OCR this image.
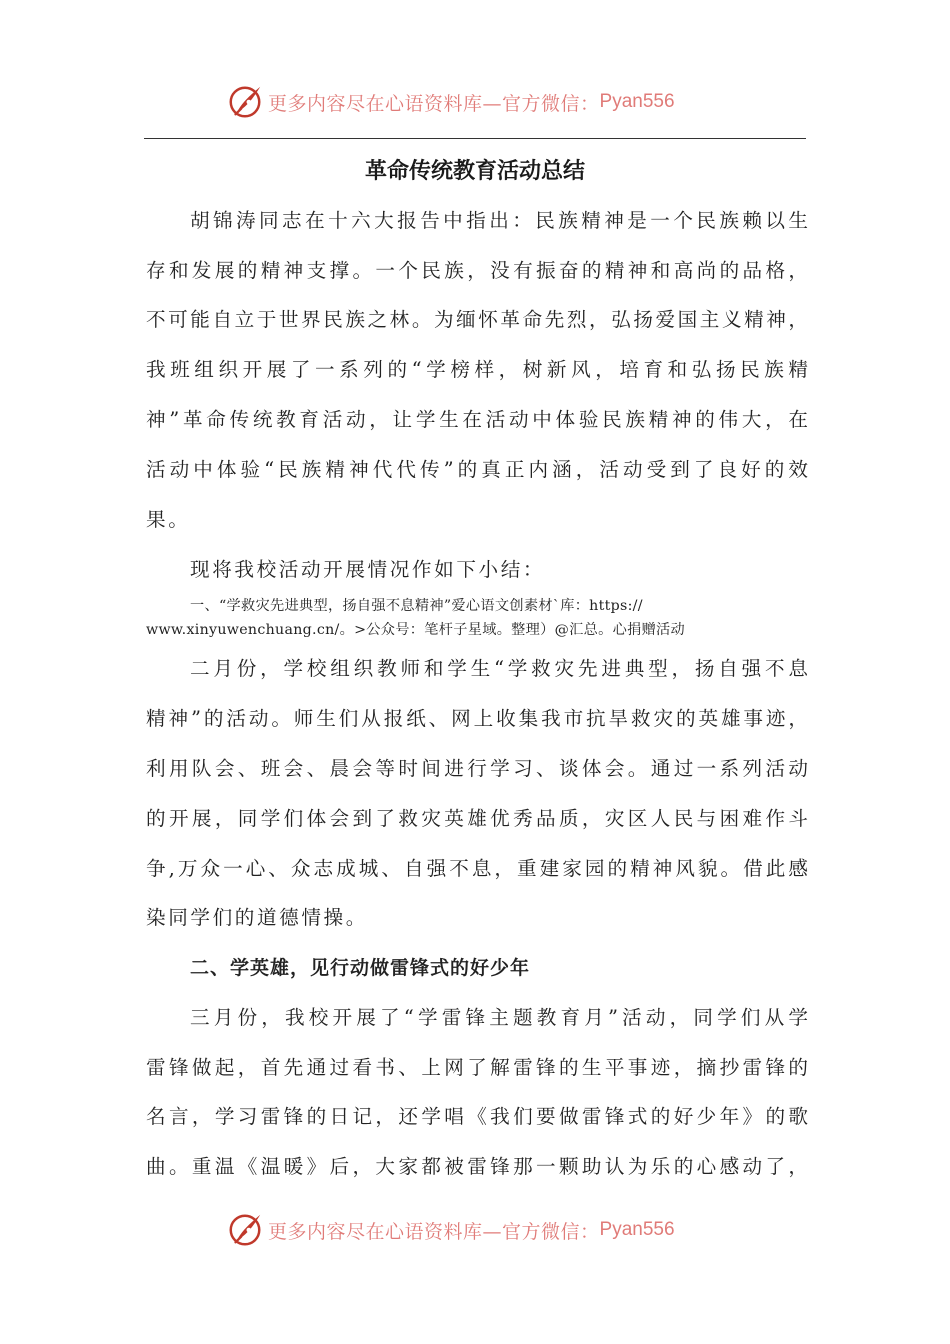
更多内容尽在心语资料库—官方微信： Pyan556
革命传统教育活动总结
胡锦涛同志在十六大报告中指出：民族精神是一个民族赖以生
存和发展的精神支撑。一个民族，没有振奋的精神和高尚的品格，
不可能自立于世界民族之林。为缅怀革命先烈，弘扬爱国主义精神，
我班组织开展了一系列的“学榜样，树新风，培育和弘扬民族精
神”革命传统教育活动，让学生在活动中体验民族精神的伟大，在
活动中体验“民族精神代代传”的真正内涵，活动受到了良好的效
果。
现将我校活动开展情况作如下小结：
一、“学救灾先进典型，扬自强不息精神”爱心语文创素材`库：https://
www.xinyuwenchuang.cn/。>公众号：笔杆子星域。整理）@汇总。心捐赠活动
二月份，学校组织教师和学生“学救灾先进典型，扬自强不息
精神”的活动。师生们从报纸、网上收集我市抗旱救灾的英雄事迹，
利用队会、班会、晨会等时间进行学习、谈体会。通过一系列活动
的开展，同学们体会到了救灾英雄优秀品质，灾区人民与困难作斗
争,万众一心、众志成城、自强不息，重建家园的精神风貌。借此感
染同学们的道德情操。
二、学英雄，见行动做雷锋式的好少年
三月份，我校开展了“学雷锋主题教育月”活动，同学们从学
雷锋做起，首先通过看书、上网了解雷锋的生平事迹，摘抄雷锋的
名言，学习雷锋的日记，还学唱《我们要做雷锋式的好少年》的歌
曲。重温《温暖》后，大家都被雷锋那一颗助认为乐的心感动了，
更多内容尽在心语资料库—官方微信： Pyan556
